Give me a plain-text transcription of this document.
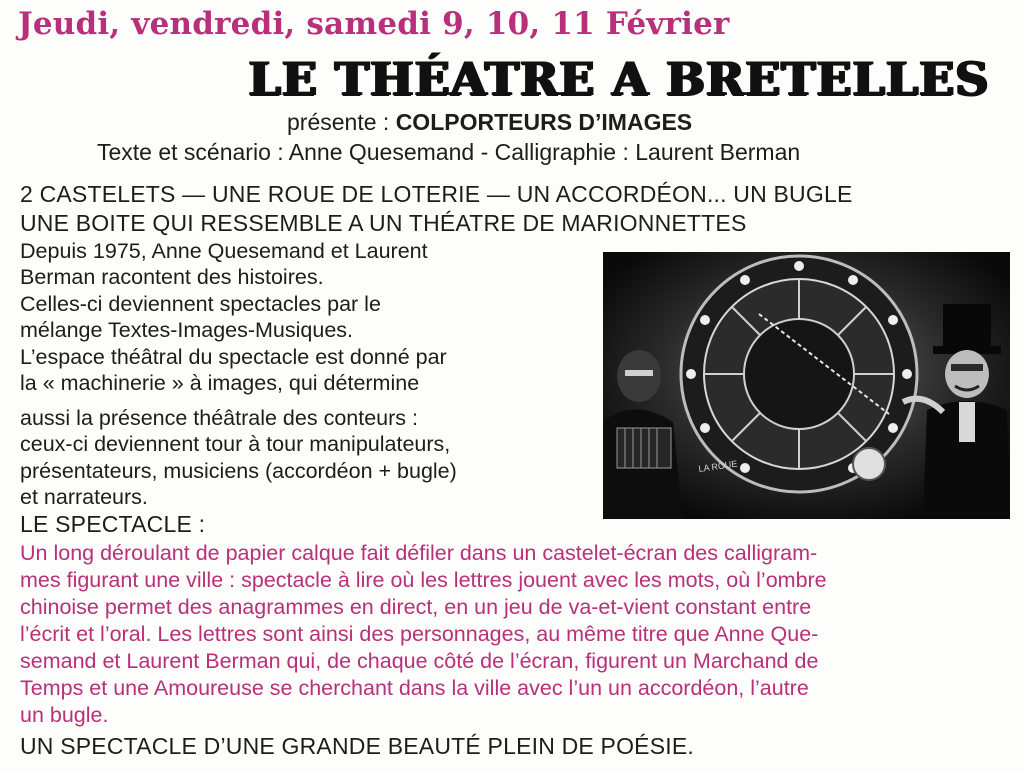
Jeudi, vendredi, samedi 9, 10, 11 Février
LE THÉATRE A BRETELLES
présente : COLPORTEURS D’IMAGES
Texte et scénario : Anne Quesemand - Calligraphie : Laurent Berman
2 CASTELETS — UNE ROUE DE LOTERIE — UN ACCORDÉON... UN BUGLE
UNE BOITE QUI RESSEMBLE A UN THÉATRE DE MARIONNETTES
Depuis 1975, Anne Quesemand et Laurent
Berman racontent des histoires.
Celles-ci deviennent spectacles par le
mélange Textes-Images-Musiques.
L’espace théâtral du spectacle est donné par
la « machinerie » à images, qui détermine
aussi la présence théâtrale des conteurs :
ceux-ci deviennent tour à tour manipulateurs,
présentateurs, musiciens (accordéon + bugle)
et narrateurs.
LE SPECTACLE :
Un long déroulant de papier calque fait défiler dans un castelet-écran des calligram-
mes figurant une ville : spectacle à lire où les lettres jouent avec les mots, où l’ombre
chinoise permet des anagrammes en direct, en un jeu de va-et-vient constant entre
l’écrit et l’oral. Les lettres sont ainsi des personnages, au même titre que Anne Que-
semand et Laurent Berman qui, de chaque côté de l’écran, figurent un Marchand de
Temps et une Amoureuse se cherchant dans la ville avec l’un un accordéon, l’autre
un bugle.
UN SPECTACLE D’UNE GRANDE BEAUTÉ PLEIN DE POÉSIE.
LA ROUE
